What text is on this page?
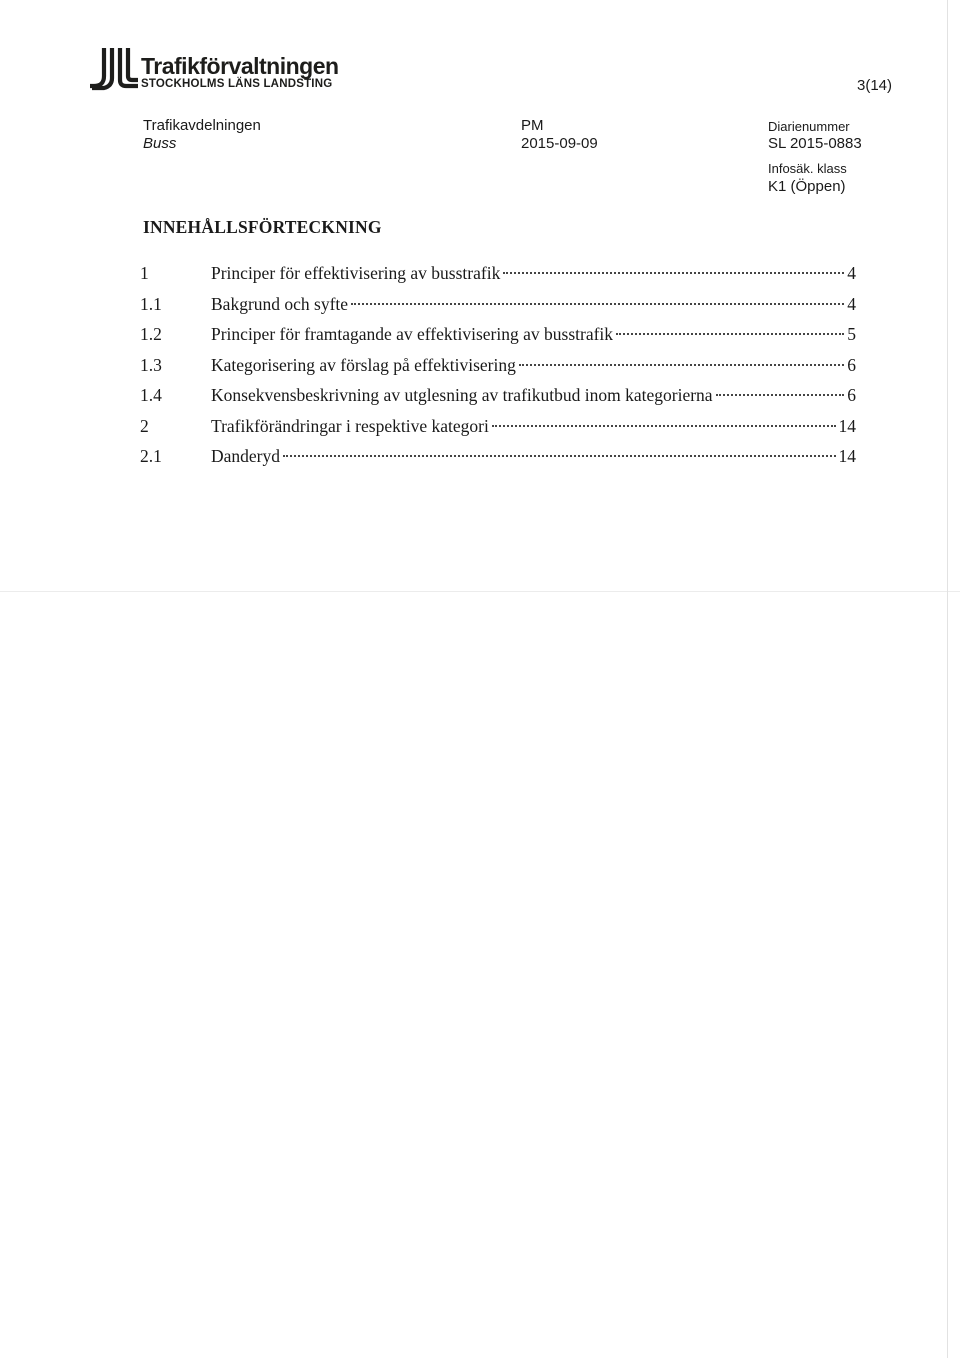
Trafikförvaltningen
STOCKHOLMS LÄNS LANDSTING	3(14)
Trafikavdelningen
Buss
PM
2015-09-09
Diarienummer
SL 2015-0883
Infosäk. klass
K1 (Öppen)
INNEHÅLLSFÖRTECKNING
1	Principer för effektivisering av busstrafik	4
1.1	Bakgrund och syfte	4
1.2	Principer för framtagande av effektivisering av busstrafik	5
1.3	Kategorisering av förslag på effektivisering	6
1.4	Konsekvensbeskrivning av utglesning av trafikutbud inom kategorierna	6
2	Trafikförändringar i respektive kategori	14
2.1	Danderyd	14
